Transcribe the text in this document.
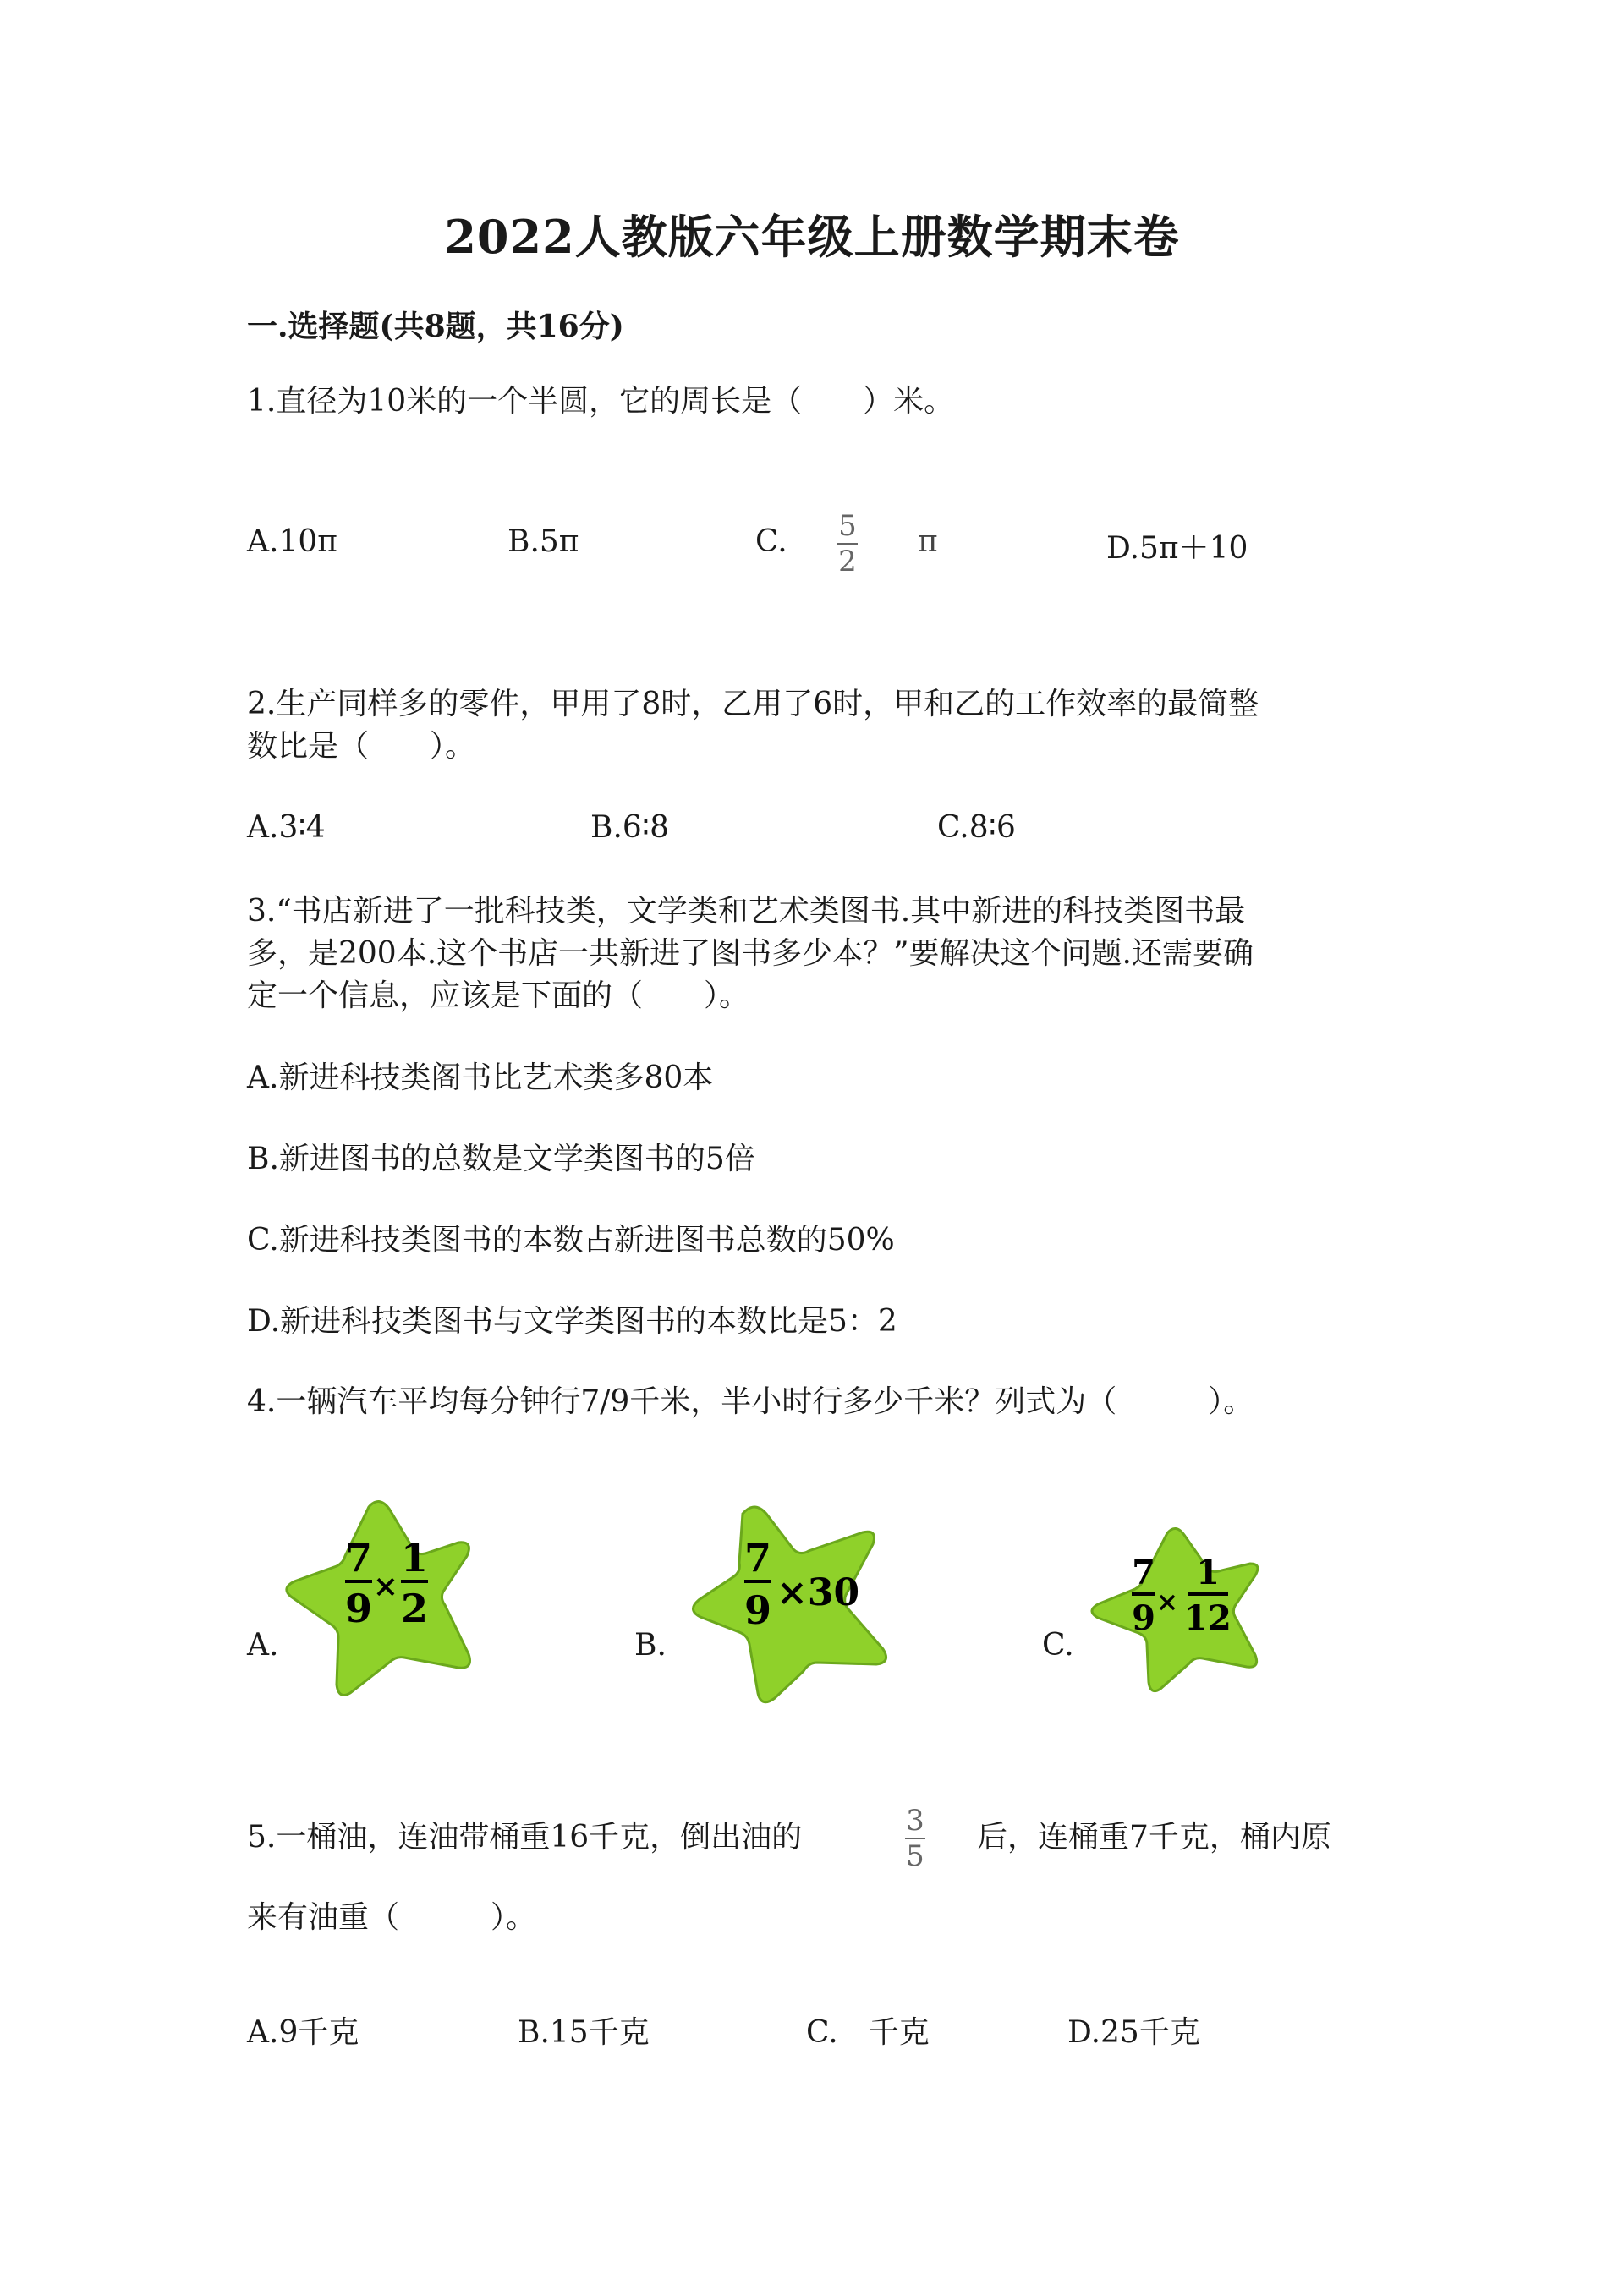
2022人教版六年级上册数学期末卷
一.选择题(共8题，共16分)
1.直径为10米的一个半圆，它的周长是（　　）米。
A.10π	B.5π	C. 5
2
π	D.5π＋10
2.生产同样多的零件，甲用了8时，乙用了6时，甲和乙的工作效率的最简整
数比是（　　）。
A.3∶4	B.6∶8	C.8∶6
3.“书店新进了一批科技类，文学类和艺术类图书.其中新进的科技类图书最
多，是200本.这个书店一共新进了图书多少本？”要解决这个问题.还需要确
定一个信息，应该是下面的（　　）。
A.新进科技类阁书比艺术类多80本
B.新进图书的总数是文学类图书的5倍
C.新进科技类图书的本数占新进图书总数的50%
D.新进科技类图书与文学类图书的本数比是5：2
4.一辆汽车平均每分钟行7/9千米，半小时行多少千米？列式为（　　　）。
A.
7
9 ×
1
2
B.
7
9 ×30
C.
7
9 ×
1
12
5.一桶油，连油带桶重16千克，倒出油的	3
5
后，连桶重7千克，桶内原
来有油重（　　　）。
A.9千克	B.15千克	C.　千克	D.25千克
